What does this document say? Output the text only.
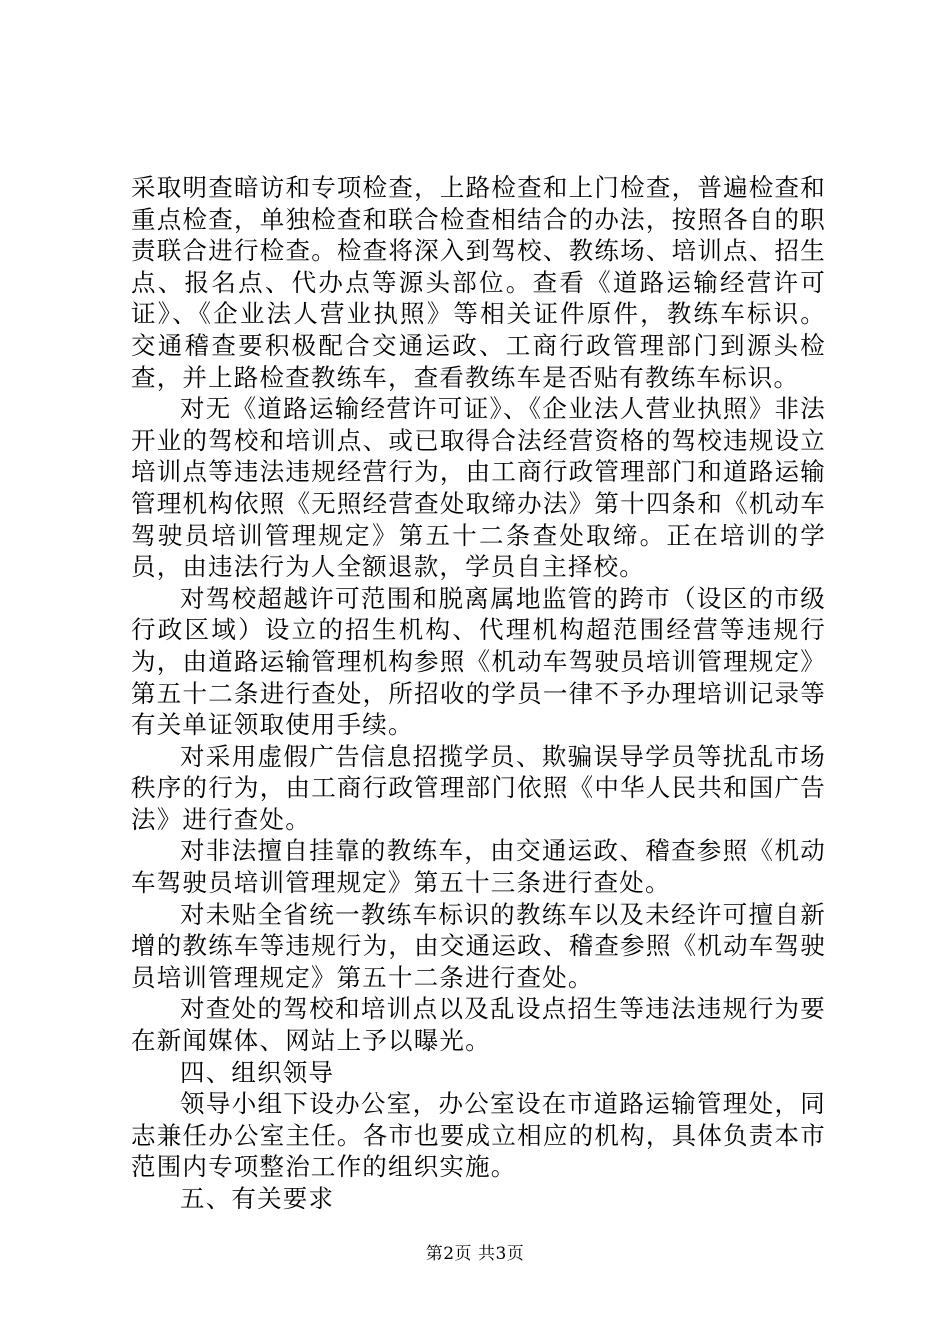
采取明查暗访和专项检查，上路检查和上门检查，普遍检查和重点检查，单独检查和联合检查相结合的办法，按照各自的职责联合进行检查。检查将深入到驾校、教练场、培训点、招生点、报名点、代办点等源头部位。查看《道路运输经营许可证》、《企业法人营业执照》等相关证件原件，教练车标识。交通稽查要积极配合交通运政、工商行政管理部门到源头检查，并上路检查教练车，查看教练车是否贴有教练车标识。

对无《道路运输经营许可证》、《企业法人营业执照》非法开业的驾校和培训点、或已取得合法经营资格的驾校违规设立培训点等违法违规经营行为，由工商行政管理部门和道路运输管理机构依照《无照经营查处取缔办法》第十四条和《机动车驾驶员培训管理规定》第五十二条查处取缔。正在培训的学员，由违法行为人全额退款，学员自主择校。

对驾校超越许可范围和脱离属地监管的跨市（设区的市级行政区域）设立的招生机构、代理机构超范围经营等违规行为，由道路运输管理机构参照《机动车驾驶员培训管理规定》第五十二条进行查处，所招收的学员一律不予办理培训记录等有关单证领取使用手续。

对采用虚假广告信息招揽学员、欺骗误导学员等扰乱市场秩序的行为，由工商行政管理部门依照《中华人民共和国广告法》进行查处。

对非法擅自挂靠的教练车，由交通运政、稽查参照《机动车驾驶员培训管理规定》第五十三条进行查处。

对未贴全省统一教练车标识的教练车以及未经许可擅自新增的教练车等违规行为，由交通运政、稽查参照《机动车驾驶员培训管理规定》第五十二条进行查处。

对查处的驾校和培训点以及乱设点招生等违法违规行为要在新闻媒体、网站上予以曝光。

四、组织领导

领导小组下设办公室，办公室设在市道路运输管理处，同志兼任办公室主任。各市也要成立相应的机构，具体负责本市范围内专项整治工作的组织实施。

五、有关要求

第2页 共3页
